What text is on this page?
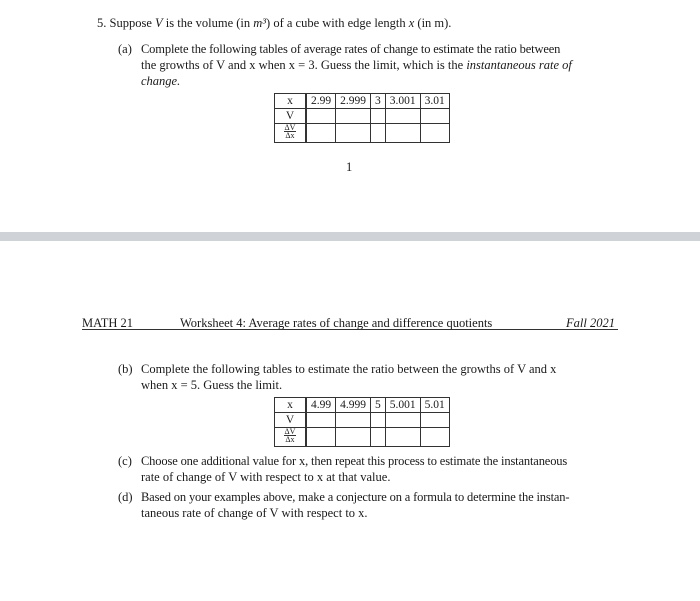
5. Suppose V is the volume (in m³) of a cube with edge length x (in m).
(a) Complete the following tables of average rates of change to estimate the ratio between
the growths of V and x when x = 3. Guess the limit, which is the instantaneous rate of
change.
x	2.99	2.999	3	3.001	3.01
V					

$\frac{\Delta V}{\Delta x}$

1
MATH 21	Worksheet 4: Average rates of change and difference quotients	Fall 2021
(b) Complete the following tables to estimate the ratio between the growths of V and x
when x = 5. Guess the limit.
x	4.99	4.999	5	5.001	5.01
V					

$\frac{\Delta V}{\Delta x}$

(c) Choose one additional value for x, then repeat this process to estimate the instantaneous
rate of change of V with respect to x at that value.
(d) Based on your examples above, make a conjecture on a formula to determine the instan-
taneous rate of change of V with respect to x.
